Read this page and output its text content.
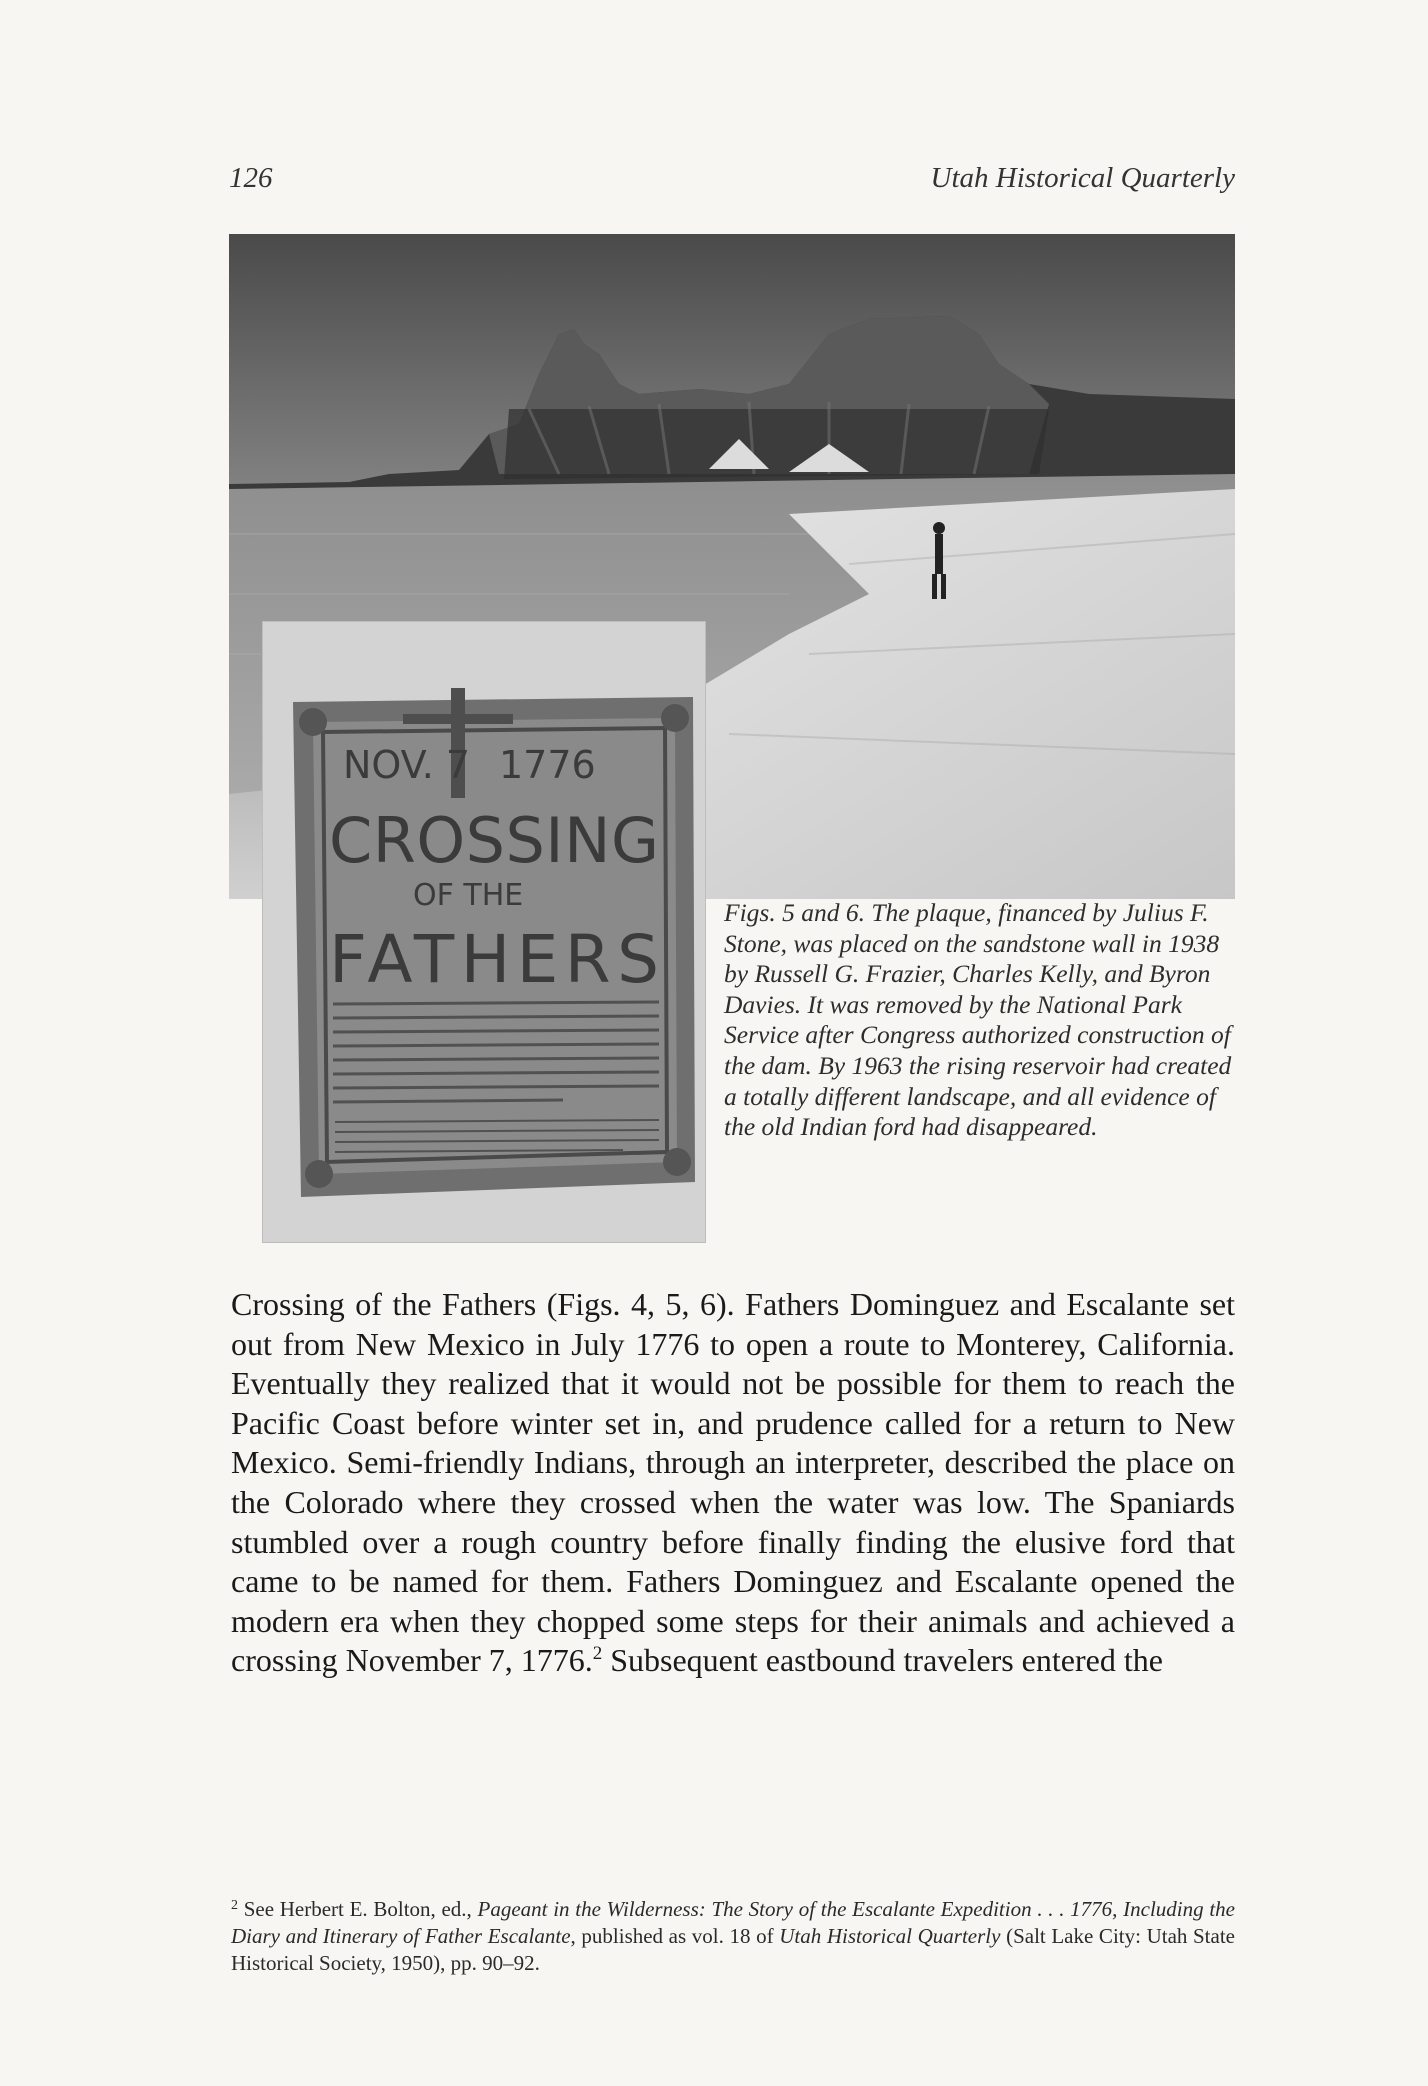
126	Utah Historical Quarterly
NOV. 7 1776
CROSSING
OF THE
FATHERS
Figs. 5 and 6. The plaque, financed by Julius F. Stone, was placed on the sandstone wall in 1938 by Russell G. Frazier, Charles Kelly, and Byron Davies. It was removed by the National Park Service after Congress authorized construction of the dam. By 1963 the rising reservoir had created a totally different landscape, and all evidence of the old Indian ford had disappeared.

Crossing of the Fathers (Figs. 4, 5, 6). Fathers Dominguez and Escalante set out from New Mexico in July 1776 to open a route to Monterey, California. Eventually they realized that it would not be possible for them to reach the Pacific Coast before winter set in, and prudence called for a return to New Mexico. Semi-friendly Indians, through an interpreter, described the place on the Colorado where they crossed when the water was low. The Spaniards stumbled over a rough country before finally finding the elusive ford that came to be named for them. Fathers Dominguez and Escalante opened the modern era when they chopped some steps for their animals and achieved a crossing November 7, 1776.$^2$ Subsequent eastbound travelers entered the

$^2$ See Herbert E. Bolton, ed., Pageant in the Wilderness: The Story of the Escalante Expedition . . . 1776, Including the Diary and Itinerary of Father Escalante, published as vol. 18 of Utah Historical Quarterly (Salt Lake City: Utah State Historical Society, 1950), pp. 90–92.
